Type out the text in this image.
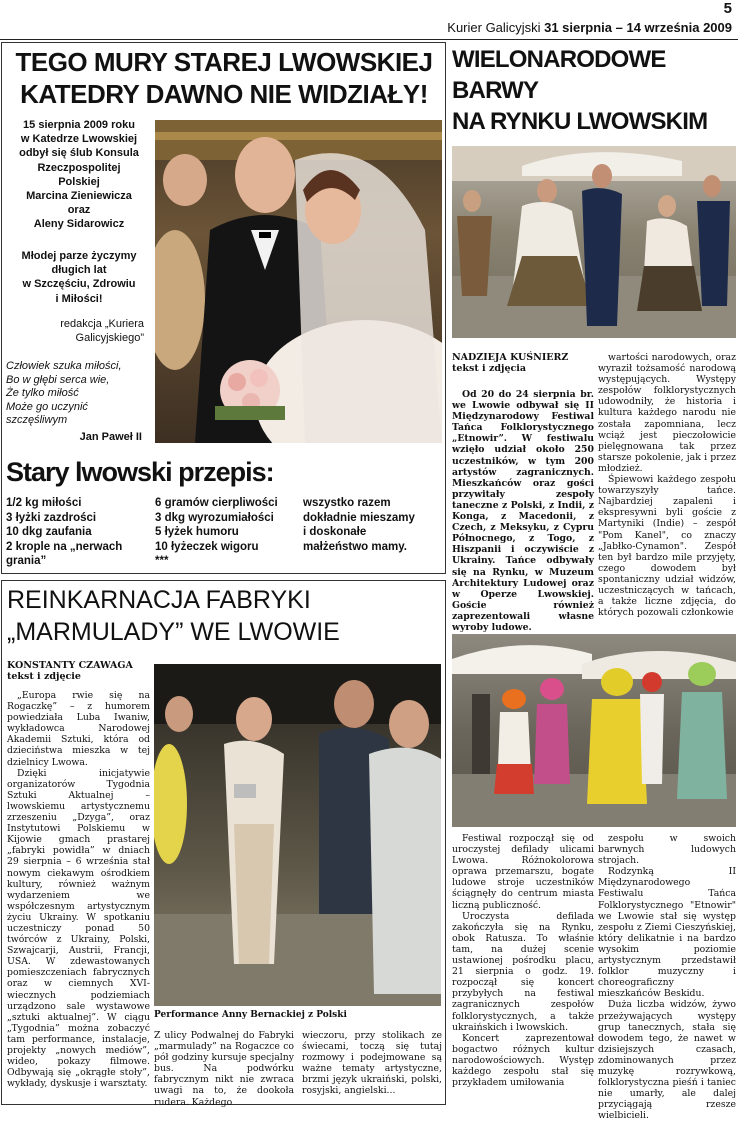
5
Kurier Galicyjski 31 sierpnia – 14 września 2009
TEGO MURY STAREJ LWOWSKIEJ
KATEDRY DAWNO NIE WIDZIAŁY!
15 sierpnia 2009 roku
w Katedrze Lwowskiej
odbył się ślub Konsula
Rzeczpospolitej
Polskiej
Marcina Zieniewicza
oraz
Aleny Sidarowicz
Młodej parze życzymy
długich lat
w Szczęściu, Zdrowiu
i Miłości!
redakcja „Kuriera
Galicyjskiego”
Człowiek szuka miłości,
Bo w głębi serca wie,
Że tylko miłość
Może go uczynić
szczęśliwym
Jan Paweł II
Stary lwowski przepis:
1/2 kg miłości
3 łyżki zazdrości
10 dkg zaufania
2 krople na „nerwach
grania”
6 gramów cierpliwości
3 dkg wyrozumiałości
5 łyżek humoru
10 łyżeczek wigoru
***
wszystko razem
dokładnie mieszamy
i doskonałe
małżeństwo mamy.
REINKARNACJA FABRYKI
„MARMULADY” WE LWOWIE
KONSTANTY CZAWAGA
tekst i zdjęcie

„Europa rwie się na Rogaczkę” – z humorem powiedziała Luba Iwaniw, wykładowca Narodowej Akademii Sztuki, która od dzieciństwa mieszka w tej dzielnicy Lwowa.

Dzięki inicjatywie organizatorów Tygodnia Sztuki Aktualnej – lwowskiemu artystycznemu zrzeszeniu „Dzyga”, oraz Instytutowi Polskiemu w Kijowie gmach prastarej „fabryki powidła” w dniach 29 sierpnia – 6 września stał nowym ciekawym ośrodkiem kultury, również ważnym wydarzeniem we współczesnym artystycznym życiu Ukrainy. W spotkaniu uczestniczy ponad 50 twórców z Ukrainy, Polski, Szwajcarji, Austrii, Francji, USA. W zdewastowanych pomieszczeniach fabrycznych oraz w ciemnych XVI-wiecznych podziemiach urządzono sale wystawowe „sztuki aktualnej”. W ciągu „Tygodnia” można zobaczyć tam performance, instalacje, projekty „nowych mediów”, wideo, pokazy filmowe. Odbywają się „okrągłe stoły”, wykłady, dyskusje i warsztaty.

Performance Anny Bernackiej z Polski

Z ulicy Podwalnej do Fabryki „marmulady” na Rogaczce co pół godziny kursuje specjalny bus. Na podwórku fabrycznym nikt nie zwraca uwagi na to, że dookoła rudera. Każdego

wieczoru, przy stolikach ze świecami, toczą się tutaj rozmowy i podejmowane są ważne tematy artystyczne, brzmi język ukraiński, polski, rosyjski, angielski...

WIELONARODOWE
BARWY
NA RYNKU LWOWSKIM
NADZIEJA KUŚNIERZ
tekst i zdjęcia

Od 20 do 24 sierpnia br. we Lwowie odbywał się II Międzynarodowy Festiwal Tańca Folklorystycznego „Etnowir”. W festiwalu wzięło udział około 250 uczestników, w tym 200 artystów zagranicznych. Mieszkańców oraz gości przywitały zespoły taneczne z Polski, z Indii, z Konga, z Macedonii, z Czech, z Meksyku, z Cypru Północnego, z Togo, z Hiszpanii i oczywiście z Ukrainy. Tańce odbywały się na Rynku, w Muzeum Architektury Ludowej oraz w Operze Lwowskiej. Goście również zaprezentowali własne wyroby ludowe.

wartości narodowych, oraz wyraził tożsamość narodową występujących. Występy zespołów folklorystycznych udowodniły, że historia i kultura każdego narodu nie została zapomniana, lecz wciąż jest pieczołowicie pielęgnowana tak przez starsze pokolenie, jak i przez młodzież.

Śpiewowi każdego zespołu towarzyszyły tańce. Najbardziej zapaleni i ekspresywni byli goście z Martyniki (Indie) – zespół "Pom Kanel", co znaczy „Jabłko-Cynamon". Zespół ten był bardzo mile przyjęty, czego dowodem był spontaniczny udział widzów, uczestniczących w tańcach, a także liczne zdjęcia, do których pozowali członkowie

Festiwal rozpoczął się od uroczystej defilady ulicami Lwowa. Różnokolorowa oprawa przemarszu, bogate ludowe stroje uczestników ściągnęły do centrum miasta liczną publiczność.

Uroczysta defilada zakończyła się na Rynku, obok Ratusza. To właśnie tam, na dużej scenie ustawionej pośrodku placu, 21 sierpnia o godz. 19. rozpoczął się koncert przybyłych na festiwal zagranicznych zespołów folklorystycznych, a także ukraińskich i lwowskich.

Koncert zaprezentował bogactwo różnych kultur narodowościowych. Występ każdego zespołu stał się przykładem umiłowania

zespołu w swoich barwnych ludowych strojach.

Rodzynką II Międzynarodowego Festiwalu Tańca Folklorystycznego "Etnowir" we Lwowie stał się występ zespołu z Ziemi Cieszyńskiej, który delikatnie i na bardzo wysokim poziomie artystycznym przedstawił folklor muzyczny i choreograficzny mieszkańców Beskidu.

Duża liczba widzów, żywo przeżywających występy grup tanecznych, stała się dowodem tego, że nawet w dzisiejszych czasach, zdominowanych przez muzykę rozrywkową, folklorystyczna pieśń i taniec nie umarły, ale dalej przyciągają rzesze wielbicieli.
